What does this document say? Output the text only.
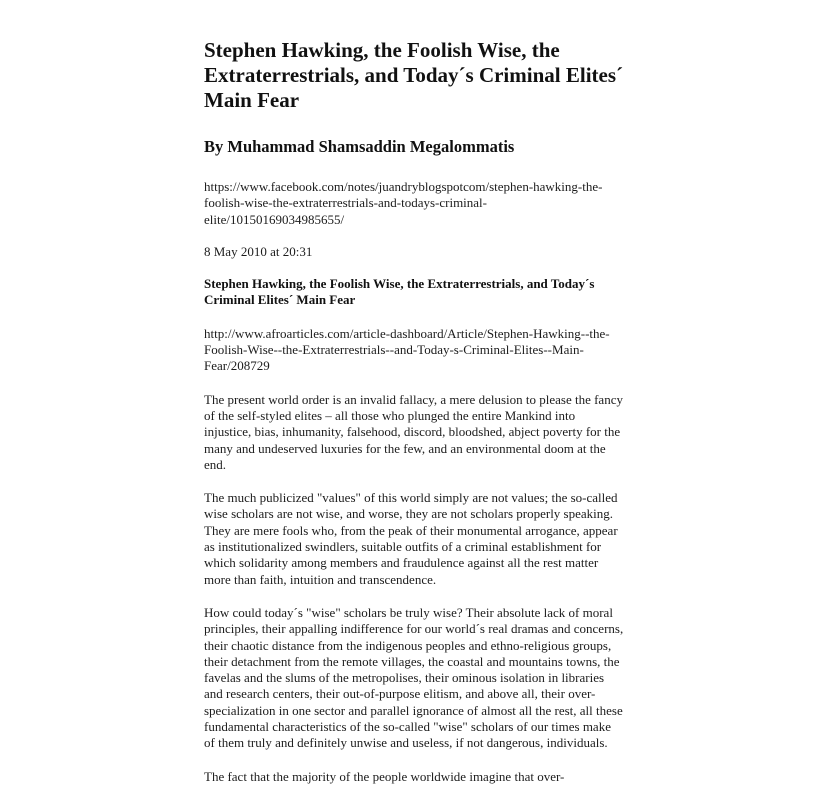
Stephen Hawking, the Foolish Wise, the Extraterrestrials, and Today´s Criminal Elites´ Main Fear
By Muhammad Shamsaddin Megalommatis

https://www.facebook.com/notes/juandryblogspotcom/stephen-hawking-the-foolish-wise-the-extraterrestrials-and-todays-criminal-elite/10150169034985655/

8 May 2010 at 20:31

Stephen Hawking, the Foolish Wise, the Extraterrestrials, and Today´s Criminal Elites´ Main Fear

http://www.afroarticles.com/article-dashboard/Article/Stephen-Hawking--the-Foolish-Wise--the-Extraterrestrials--and-Today-s-Criminal-Elites--Main-Fear/208729

The present world order is an invalid fallacy, a mere delusion to please the fancy of the self-styled elites – all those who plunged the entire Mankind into injustice, bias, inhumanity, falsehood, discord, bloodshed, abject poverty for the many and undeserved luxuries for the few, and an environmental doom at the end.

The much publicized "values" of this world simply are not values; the so-called wise scholars are not wise, and worse, they are not scholars properly speaking. They are mere fools who, from the peak of their monumental arrogance, appear as institutionalized swindlers, suitable outfits of a criminal establishment for which solidarity among members and fraudulence against all the rest matter more than faith, intuition and transcendence.

How could today´s "wise" scholars be truly wise? Their absolute lack of moral principles, their appalling indifference for our world´s real dramas and concerns, their chaotic distance from the indigenous peoples and ethno-religious groups, their detachment from the remote villages, the coastal and mountains towns, the favelas and the slums of the metropolises, their ominous isolation in libraries and research centers, their out-of-purpose elitism, and above all, their over-specialization in one sector and parallel ignorance of almost all the rest, all these fundamental characteristics of the so-called "wise" scholars of our times make of them truly and definitely unwise and useless, if not dangerous, individuals.

The fact that the majority of the people worldwide imagine that over-
